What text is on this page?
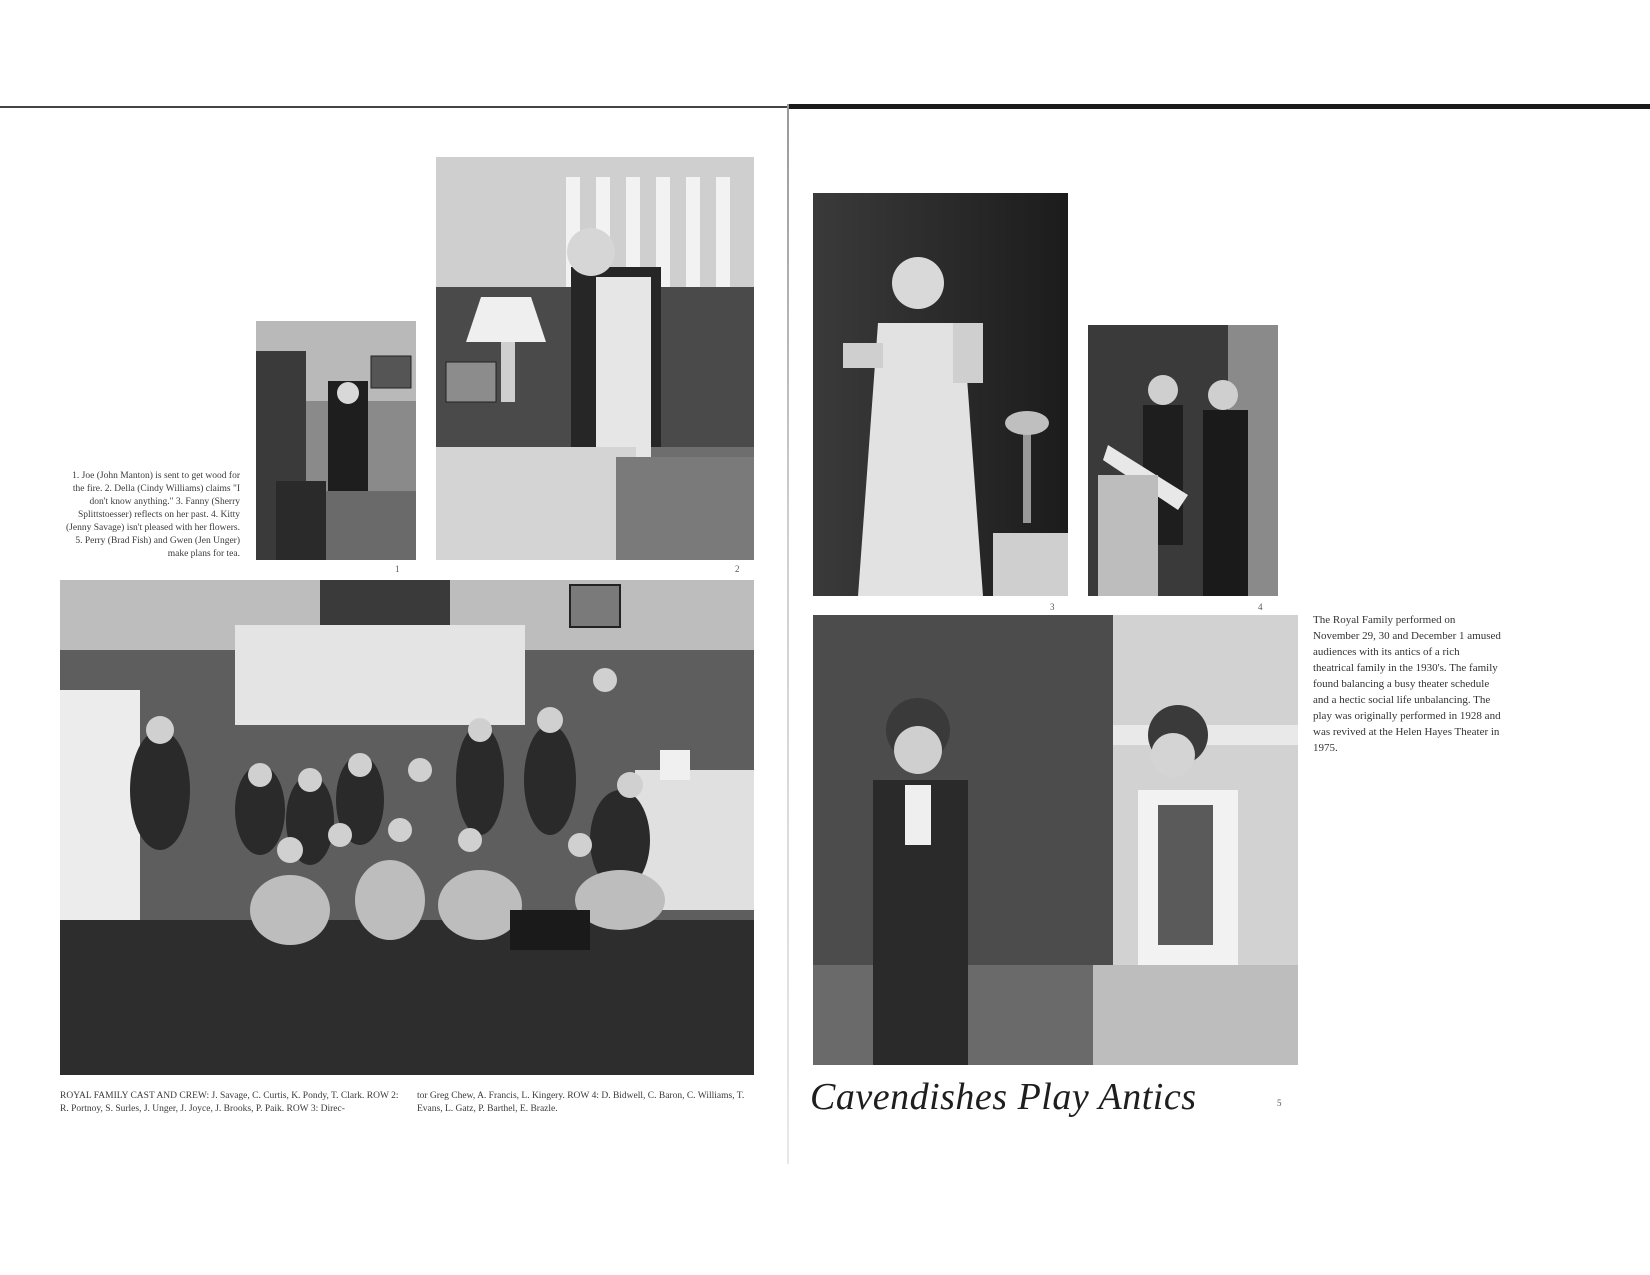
1. Joe (John Manton) is sent to get wood for the fire. 2. Della (Cindy Williams) claims "I don't know anything." 3. Fanny (Sherry Splittstoesser) reflects on her past. 4. Kitty (Jenny Savage) isn't pleased with her flowers. 5. Perry (Brad Fish) and Gwen (Jen Unger) make plans for tea.
1	2
ROYAL FAMILY CAST AND CREW: J. Savage, C. Curtis, K. Pondy, T. Clark. ROW 2: R. Portnoy, S. Surles, J. Unger, J. Joyce, J. Brooks, P. Paik. ROW 3: Direc-
tor Greg Chew, A. Francis, L. Kingery. ROW 4: D. Bidwell, C. Baron, C. Williams, T. Evans, L. Gatz, P. Barthel, E. Brazle.
3	4
5
The Royal Family performed on November 29, 30 and December 1 amused audiences with its antics of a rich theatrical family in the 1930's. The family found balancing a busy theater schedule and a hectic social life unbalancing. The play was originally performed in 1928 and was revived at the Helen Hayes Theater in 1975.
Cavendishes Play Antics
